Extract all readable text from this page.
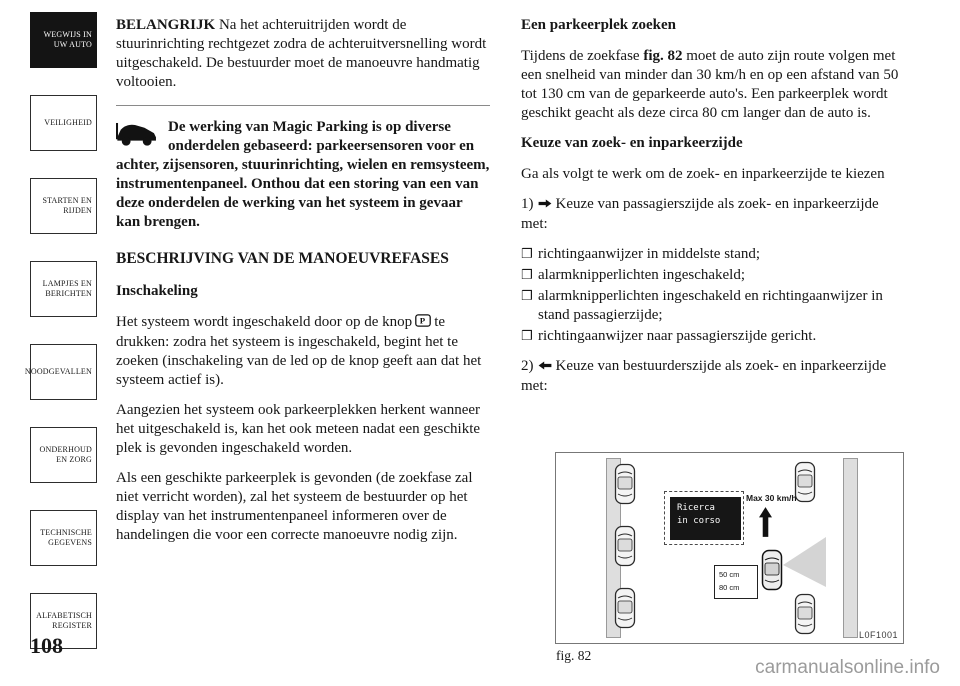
WEGWIJS IN UW AUTO
VEILIGHEID
STARTEN EN RIJDEN
LAMPJES EN BERICHTEN
NOODGEVALLEN
ONDERHOUD EN ZORG
TECHNISCHE GEGEVENS
ALFABETISCH REGISTER
108

BELANGRIJK Na het achteruitrijden wordt de stuurinrichting rechtgezet zodra de achteruitversnelling wordt uitgeschakeld. De bestuurder moet de manoeuvre handmatig voltooien.

De werking van Magic Parking is op diverse onderdelen gebaseerd: parkeersensoren voor en achter, zijsensoren, stuurinrichting, wielen en remsysteem, instrumentenpaneel. Onthou dat een storing van een van deze onderdelen de werking van het systeem in gevaar kan brengen.
BESCHRIJVING VAN DE MANOEUVREFASES
Inschakeling

Het systeem wordt ingeschakeld door op de knop P te drukken: zodra het systeem is ingeschakeld, begint het te zoeken (inschakeling van de led op de knop geeft aan dat het systeem actief is).

Aangezien het systeem ook parkeerplekken herkent wanneer het uitgeschakeld is, kan het ook meteen nadat een geschikte plek is gevonden ingeschakeld worden.

Als een geschikte parkeerplek is gevonden (de zoekfase zal niet verricht worden), zal het systeem de bestuurder op het display van het instrumentenpaneel informeren over de handelingen die voor een correcte manoeuvre nodig zijn.

Een parkeerplek zoeken

Tijdens de zoekfase fig. 82 moet de auto zijn route volgen met een snelheid van minder dan 30 km/h en op een afstand van 50 tot 130 cm van de geparkeerde auto's. Een parkeerplek wordt geschikt geacht als deze circa 80 cm langer dan de auto is.

Keuze van zoek- en inparkeerzijde

Ga als volgt te werk om de zoek- en inparkeerzijde te kiezen

1) Keuze van passagierszijde als zoek- en inparkeerzijde met:

❒ richtingaanwijzer in middelste stand;
❒ alarmknipperlichten ingeschakeld;
❒ alarmknipperlichten ingeschakeld en richtingaanwijzer in stand passagierzijde;
❒ richtingaanwijzer naar passagierszijde gericht.

2) Keuze van bestuurderszijde als zoek- en inparkeerzijde met:

Ricerca
in corso
Max 30 km/h
50 cm
80 cm
L0F1001
fig. 82
carmanualsonline.info
